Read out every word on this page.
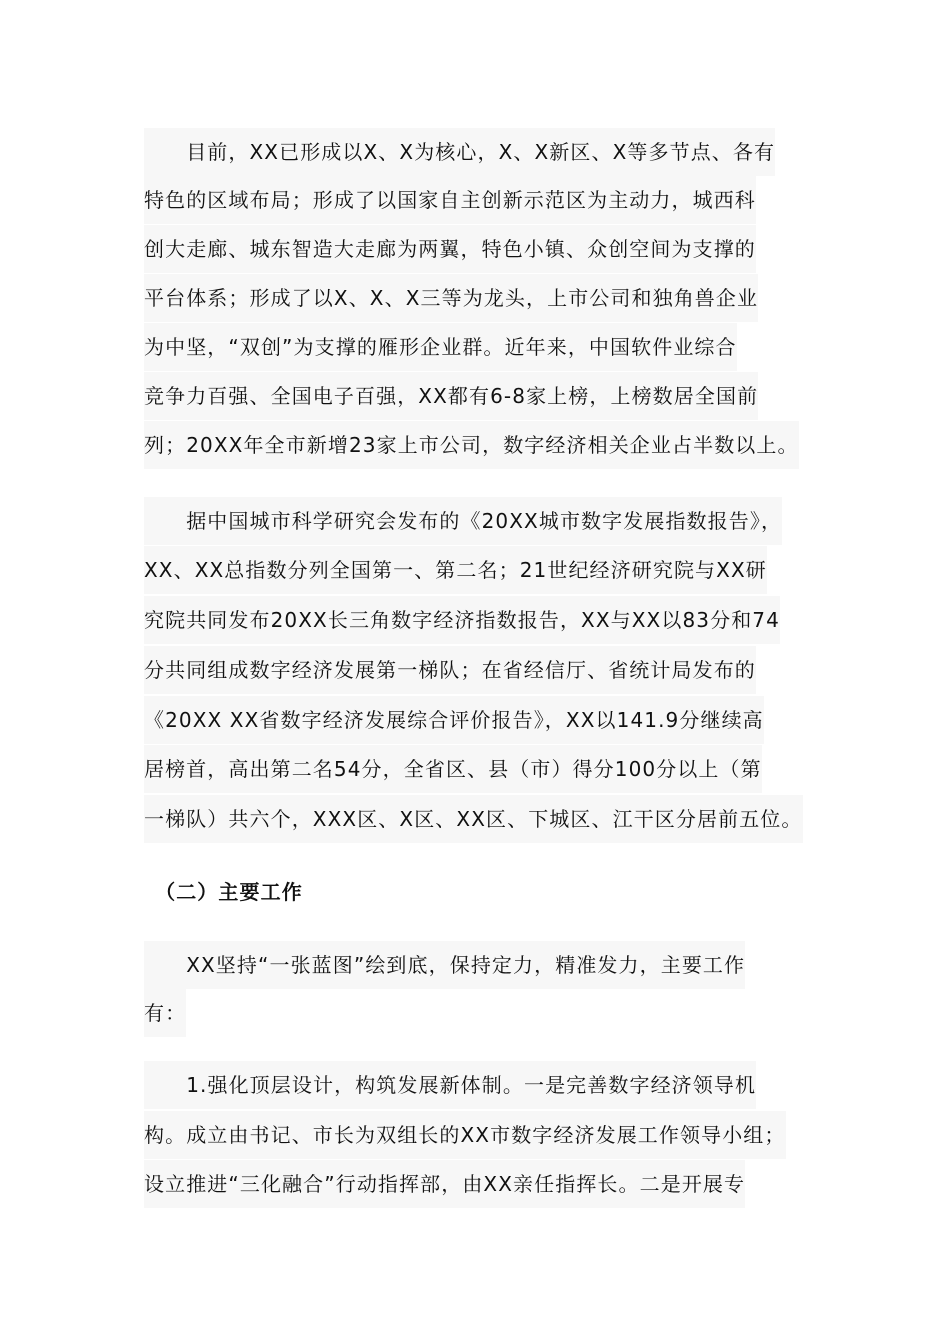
　　目前，XX已形成以X、X为核心，X、X新区、X等多节点、各有
特色的区域布局；形成了以国家自主创新示范区为主动力，城西科
创大走廊、城东智造大走廊为两翼，特色小镇、众创空间为支撑的
平台体系；形成了以X、X、X三等为龙头，上市公司和独角兽企业
为中坚，“双创”为支撑的雁形企业群。近年来，中国软件业综合
竞争力百强、全国电子百强，XX都有6-8家上榜，上榜数居全国前
列；20XX年全市新增23家上市公司，数字经济相关企业占半数以上。
　　据中国城市科学研究会发布的《20XX城市数字发展指数报告》，
XX、XX总指数分列全国第一、第二名；21世纪经济研究院与XX研
究院共同发布20XX长三角数字经济指数报告，XX与XX以83分和74
分共同组成数字经济发展第一梯队；在省经信厅、省统计局发布的
《20XX XX省数字经济发展综合评价报告》，XX以141.9分继续高
居榜首，高出第二名54分，全省区、县（市）得分100分以上（第
一梯队）共六个，XXX区、X区、XX区、下城区、江干区分居前五位。
　（二）主要工作
　　XX坚持“一张蓝图”绘到底，保持定力，精准发力，主要工作
有：
　　1.强化顶层设计，构筑发展新体制。一是完善数字经济领导机
构。成立由书记、市长为双组长的XX市数字经济发展工作领导小组；
设立推进“三化融合”行动指挥部，由XX亲任指挥长。二是开展专
